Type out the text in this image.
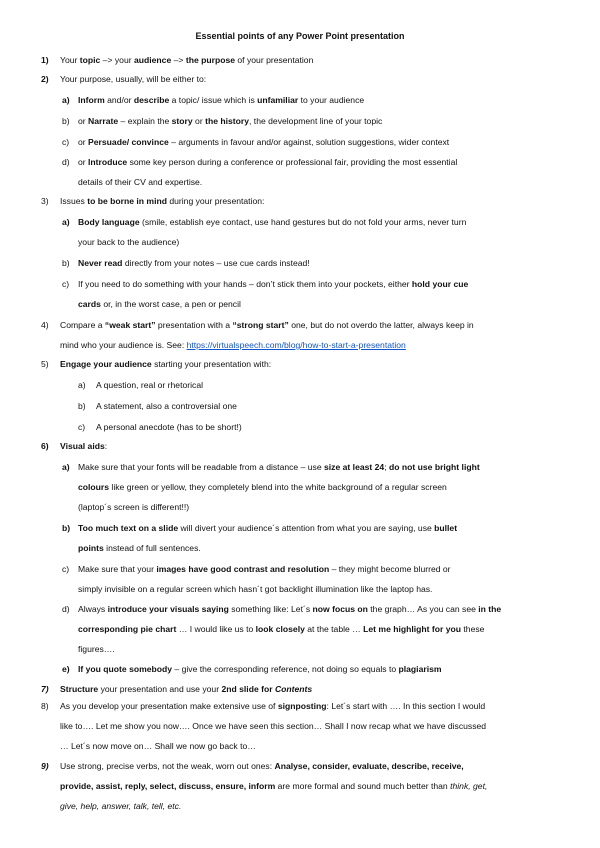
Essential points of any Power Point presentation
1)	Your topic –> your audience –> the purpose of your presentation
2)	Your purpose, usually, will be either to:
a) Inform and/or describe a topic/ issue which is unfamiliar to your audience
b) or Narrate – explain the story or the history, the development line of your topic
c)	or Persuade/ convince – arguments in favour and/or against, solution suggestions, wider context
d) or Introduce some key person during a conference or professional fair, providing the most essential
details of their CV and expertise.
3)	Issues to be borne in mind during your presentation:
a) Body language (smile, establish eye contact, use hand gestures but do not fold your arms, never turn
your back to the audience)
b) Never read directly from your notes – use cue cards instead!
c)	If you need to do something with your hands – don’t stick them into your pockets, either hold your cue
cards or, in the worst case, a pen or pencil
4)	Compare a “weak start” presentation with a “strong start” one, but do not overdo the latter, always keep in
mind who your audience is. See: https://virtualspeech.com/blog/how-to-start-a-presentation
5)	Engage your audience starting your presentation with:
a) A question, real or rhetorical
b) A statement, also a controversial one
c) A personal anecdote (has to be short!)
6)	Visual aids:
a) Make sure that your fonts will be readable from a distance – use size at least 24; do not use bright light
colours like green or yellow, they completely blend into the white background of a regular screen
(laptop´s screen is different!!)
b) Too much text on a slide will divert your audience´s attention from what you are saying, use bullet
points instead of full sentences.
c)	Make sure that your images have good contrast and resolution – they might become blurred or
simply invisible on a regular screen which hasn´t got backlight illumination like the laptop has.
d) Always introduce your visuals saying something like: Let´s now focus on the graph… As you can see in the
corresponding pie chart … I would like us to look closely at the table … Let me highlight for you these
figures….
e) If you quote somebody – give the corresponding reference, not doing so equals to plagiarism
7)	Structure your presentation and use your 2nd slide for Contents
8)	As you develop your presentation make extensive use of signposting: Let´s start with …. In this section I would
like to…. Let me show you now…. Once we have seen this section… Shall I now recap what we have discussed
… Let´s now move on… Shall we now go back to…
9)	Use strong, precise verbs, not the weak, worn out ones: Analyse, consider, evaluate, describe, receive,
provide, assist, reply, select, discuss, ensure, inform are more formal and sound much better than think, get,
give, help, answer, talk, tell, etc.
